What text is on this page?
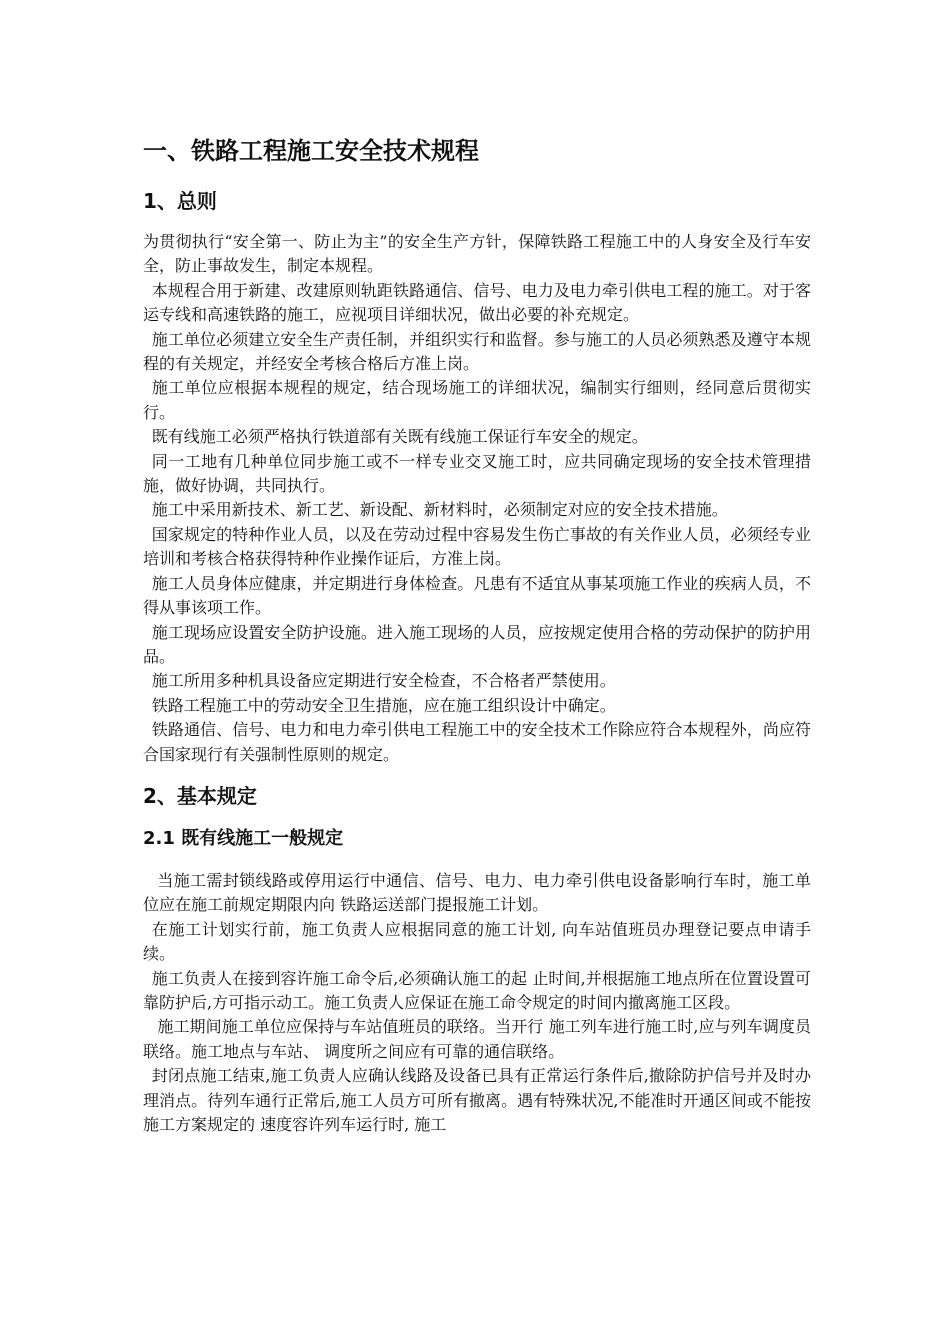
一、铁路工程施工安全技术规程
1、总则

为贯彻执行“安全第一、防止为主”的安全生产方针，保障铁路工程施工中的人身安全及行车安全，防止事故发生，制定本规程。

本规程合用于新建、改建原则轨距铁路通信、信号、电力及电力牵引供电工程的施工。对于客运专线和高速铁路的施工，应视项目详细状况，做出必要的补充规定。

施工单位必须建立安全生产责任制，并组织实行和监督。参与施工的人员必须熟悉及遵守本规程的有关规定，并经安全考核合格后方准上岗。

施工单位应根据本规程的规定，结合现场施工的详细状况，编制实行细则，经同意后贯彻实行。

既有线施工必须严格执行铁道部有关既有线施工保证行车安全的规定。

同一工地有几种单位同步施工或不一样专业交叉施工时，应共同确定现场的安全技术管理措施，做好协调，共同执行。

施工中采用新技术、新工艺、新设配、新材料时，必须制定对应的安全技术措施。

国家规定的特种作业人员，以及在劳动过程中容易发生伤亡事故的有关作业人员，必须经专业培训和考核合格获得特种作业操作证后，方准上岗。

施工人员身体应健康，并定期进行身体检查。凡患有不适宜从事某项施工作业的疾病人员，不得从事该项工作。

施工现场应设置安全防护设施。进入施工现场的人员，应按规定使用合格的劳动保护的防护用品。

施工所用多种机具设备应定期进行安全检查，不合格者严禁使用。

铁路工程施工中的劳动安全卫生措施，应在施工组织设计中确定。

铁路通信、信号、电力和电力牵引供电工程施工中的安全技术工作除应符合本规程外，尚应符合国家现行有关强制性原则的规定。

2、基本规定
2.1 既有线施工一般规定

当施工需封锁线路或停用运行中通信、信号、电力、电力牵引供电设备影响行车时，施工单位应在施工前规定期限内向 铁路运送部门提报施工计划。

在施工计划实行前，施工负责人应根据同意的施工计划, 向车站值班员办理登记要点申请手续。

施工负责人在接到容许施工命令后,必须确认施工的起 止时间,并根据施工地点所在位置设置可靠防护后,方可指示动工。施工负责人应保证在施工命令规定的时间内撤离施工区段。

施工期间施工单位应保持与车站值班员的联络。当开行 施工列车进行施工时,应与列车调度员联络。施工地点与车站、 调度所之间应有可靠的通信联络。

封闭点施工结束,施工负责人应确认线路及设备已具有正常运行条件后,撤除防护信号并及时办理消点。待列车通行正常后,施工人员方可所有撤离。遇有特殊状况,不能准时开通区间或不能按施工方案规定的 速度容许列车运行时, 施工
